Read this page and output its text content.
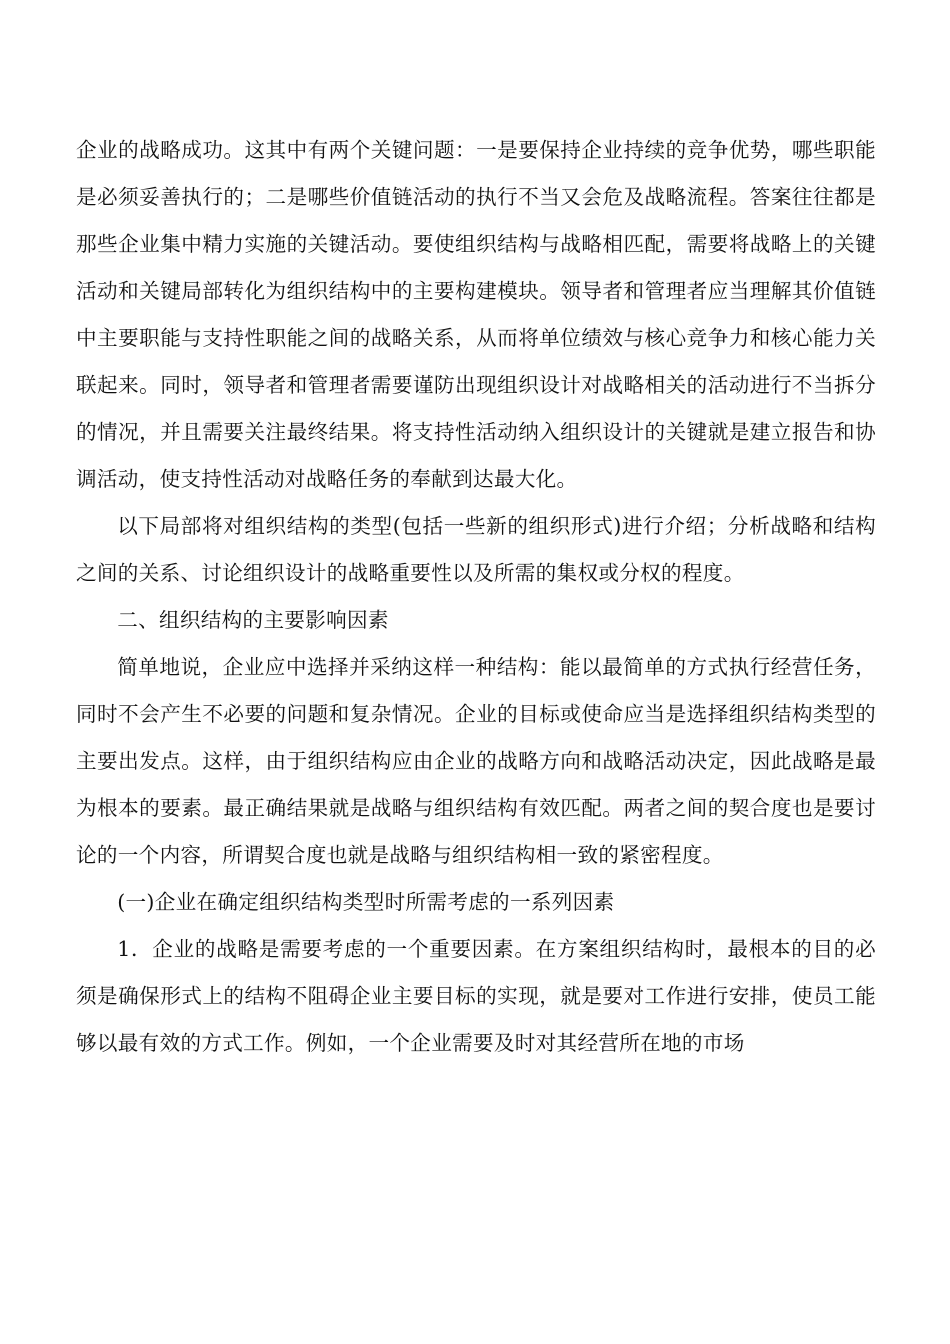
企业的战略成功。这其中有两个关键问题：一是要保持企业持续的竞争优势，哪些职能是必须妥善执行的；二是哪些价值链活动的执行不当又会危及战略流程。答案往往都是那些企业集中精力实施的关键活动。要使组织结构与战略相匹配，需要将战略上的关键活动和关键局部转化为组织结构中的主要构建模块。领导者和管理者应当理解其价值链中主要职能与支持性职能之间的战略关系，从而将单位绩效与核心竞争力和核心能力关联起来。同时，领导者和管理者需要谨防出现组织设计对战略相关的活动进行不当拆分的情况，并且需要关注最终结果。将支持性活动纳入组织设计的关键就是建立报告和协调活动，使支持性活动对战略任务的奉献到达最大化。

以下局部将对组织结构的类型(包括一些新的组织形式)进行介绍；分析战略和结构之间的关系、讨论组织设计的战略重要性以及所需的集权或分权的程度。

二、组织结构的主要影响因素

简单地说，企业应中选择并采纳这样一种结构：能以最简单的方式执行经营任务，同时不会产生不必要的问题和复杂情况。企业的目标或使命应当是选择组织结构类型的主要出发点。这样，由于组织结构应由企业的战略方向和战略活动决定，因此战略是最为根本的要素。最正确结果就是战略与组织结构有效匹配。两者之间的契合度也是要讨论的一个内容，所谓契合度也就是战略与组织结构相一致的紧密程度。

(一)企业在确定组织结构类型时所需考虑的一系列因素

1．企业的战略是需要考虑的一个重要因素。在方案组织结构时，最根本的目的必须是确保形式上的结构不阻碍企业主要目标的实现，就是要对工作进行安排，使员工能够以最有效的方式工作。例如，一个企业需要及时对其经营所在地的市场
